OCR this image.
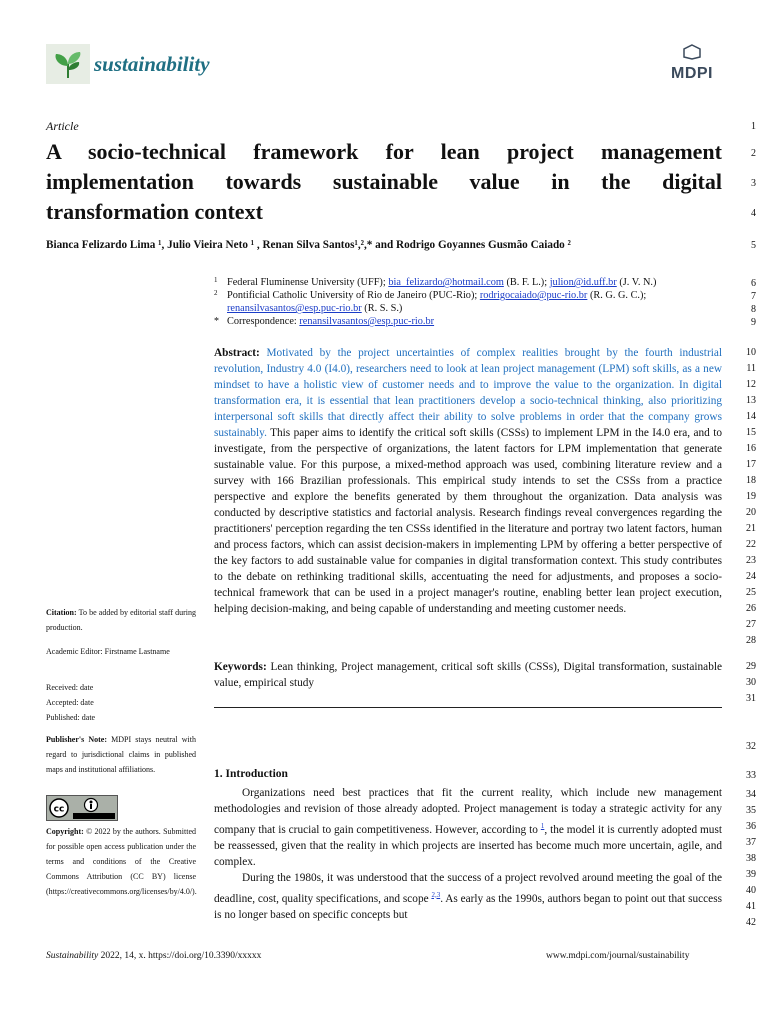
sustainability	MDPI
1
2
3
4
5
6
7
8
9
10
11
12
13
14
15
16
17
18
19
20
21
22
23
24
25
26
27
28
29
30
31
32
33
34
35
36
37
38
39
40
41
42
Article
A socio-technical framework for lean project management
implementation towards sustainable value in the digital
transformation context
Bianca Felizardo Lima ¹, Julio Vieira Neto ¹ , Renan Silva Santos¹,²,* and Rodrigo Goyannes Gusmão Caiado ²
1 Federal Fluminense University (UFF); bia_felizardo@hotmail.com (B. F. L.); julion@id.uff.br (J. V. N.)
2 Pontificial Catholic University of Rio de Janeiro (PUC-Rio); rodrigocaiado@puc-rio.br (R. G. G. C.);
renansilvasantos@esp.puc-rio.br (R. S. S.)
* Correspondence: renansilvasantos@esp.puc-rio.br
Abstract: Motivated by the project uncertainties of complex realities brought by the fourth industrial revolution, Industry 4.0 (I4.0), researchers need to look at lean project management (LPM) soft skills, as a new mindset to have a holistic view of customer needs and to improve the value to the organization. In digital transformation era, it is essential that lean practitioners develop a socio-technical thinking, also prioritizing interpersonal soft skills that directly affect their ability to solve problems in order that the company grows sustainably. This paper aims to identify the critical soft skills (CSSs) to implement LPM in the I4.0 era, and to investigate, from the perspective of organizations, the latent factors for LPM implementation that generate sustainable value. For this purpose, a mixed-method approach was used, combining literature review and a survey with 166 Brazilian professionals. This empirical study intends to set the CSSs from a practice perspective and explore the benefits generated by them throughout the organization. Data analysis was conducted by descriptive statistics and factorial analysis. Research findings reveal convergences regarding the practitioners' perception regarding the ten CSSs identified in the literature and portray two latent factors, human and process factors, which can assist decision-makers in implementing LPM by offering a better perspective of the key factors to add sustainable value for companies in digital transformation context. This study contributes to the debate on rethinking traditional skills, accentuating the need for adjustments, and proposes a socio-technical framework that can be used in a project manager's routine, enabling better lean project execution, helping decision-making, and being capable of understanding and meeting customer needs.
Keywords: Lean thinking, Project management, critical soft skills (CSSs), Digital transformation, sustainable value, empirical study
Citation: To be added by editorial staff during production.
Academic Editor: Firstname Lastname
Received: date
Accepted: date
Published: date
Publisher's Note: MDPI stays neutral with regard to jurisdictional claims in published maps and institutional affiliations.
cc
Copyright: © 2022 by the authors. Submitted for possible open access publication under the terms and conditions of the Creative Commons Attribution (CC BY) license (https://creativecommons.org/licenses/by/4.0/).
1. Introduction

Organizations need best practices that fit the current reality, which include new management methodologies and revision of those already adopted. Project management is today a strategic activity for any company that is crucial to gain competitiveness. However, according to $^1$, the model it is currently adopted must be reassessed, given that the reality in which projects are inserted has become much more uncertain, agile, and complex.

During the 1980s, it was understood that the success of a project revolved around meeting the goal of the deadline, cost, quality specifications, and scope $^{2,3}$. As early as the 1990s, authors began to point out that success is no longer based on specific concepts but

Sustainability 2022, 14, x. https://doi.org/10.3390/xxxxx	www.mdpi.com/journal/sustainability
